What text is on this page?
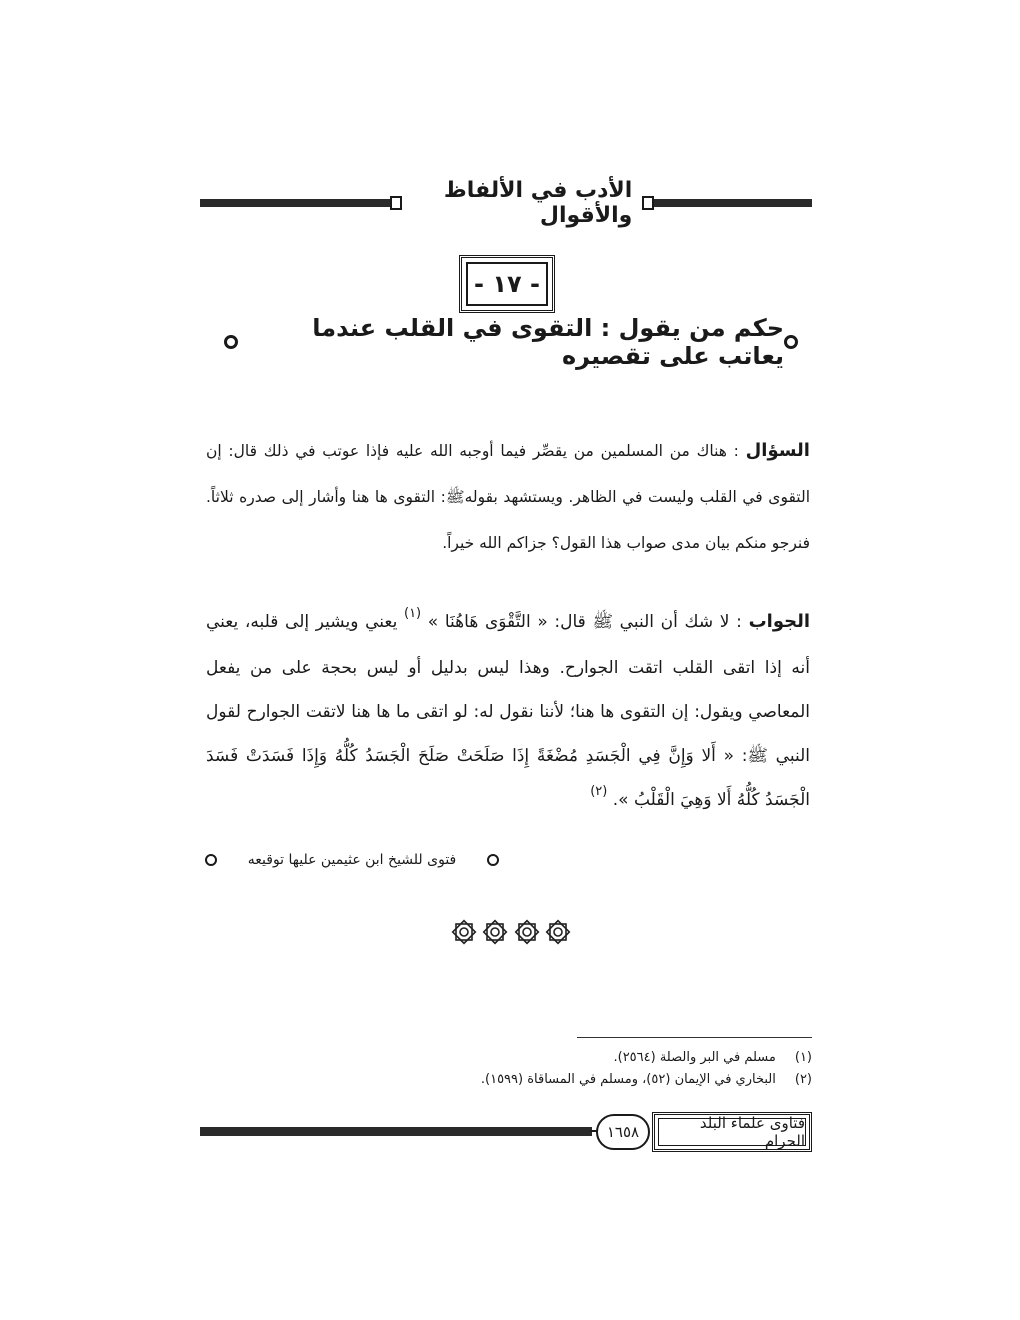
الأدب في الألفاظ والأقوال
- ١٧ -
حكم من يقول : التقوى في القلب عندما يعاتب على تقصيره
السؤال : هناك من المسلمين من يقصِّر فيما أوجبه الله عليه فإذا عوتب في ذلك قال: إن التقوى في القلب وليست في الظاهر. ويستشهد بقولهﷺ: التقوى ها هنا وأشار إلى صدره ثلاثاً. فنرجو منكم بيان مدى صواب هذا القول؟ جزاكم الله خيراً.
الجواب : لا شك أن النبي ﷺ قال: « التَّقْوَى هَاهُنَا » $^{(١)}$ يعني ويشير إلى قلبه، يعني أنه إذا اتقى القلب اتقت الجوارح. وهذا ليس بدليل أو ليس بحجة على من يفعل المعاصي ويقول: إن التقوى ها هنا؛ لأننا نقول له: لو اتقى ما ها هنا لاتقت الجوارح لقول النبي ﷺ: « أَلا وَإِنَّ فِي الْجَسَدِ مُضْغَةً إِذَا صَلَحَتْ صَلَحَ الْجَسَدُ كُلُّهُ وَإِذَا فَسَدَتْ فَسَدَ الْجَسَدُ كُلُّهُ أَلا وَهِيَ الْقَلْبُ ». $^{(٢)}$
فتوى للشيخ ابن عثيمين عليها توقيعه
(١) مسلم في البر والصلة (٢٥٦٤).
(٢) البخاري في الإيمان (٥٢)، ومسلم في المساقاة (١٥٩٩).
١٦٥٨	فتاوى علماء البلد الحرام
